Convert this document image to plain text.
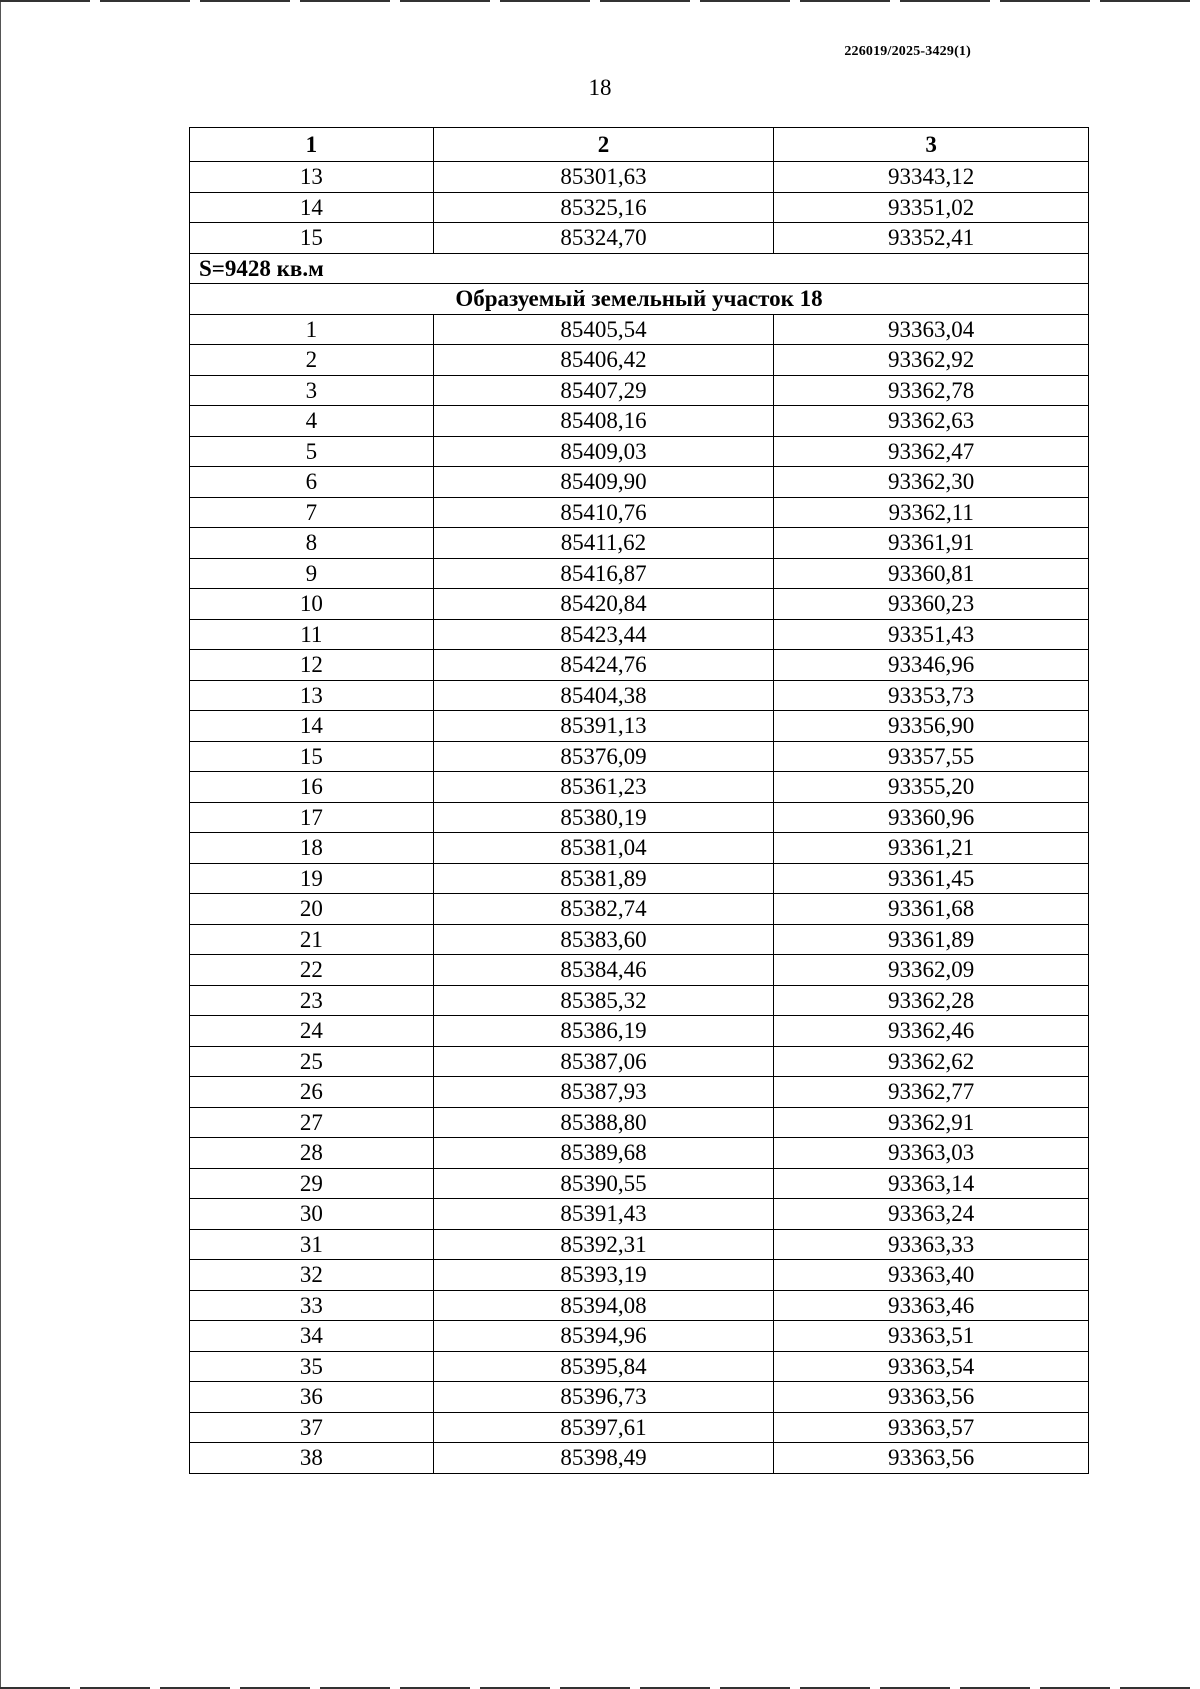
226019/2025-3429(1)
18
1	2	3
13	85301,63	93343,12
14	85325,16	93351,02
15	85324,70	93352,41
S=9428 кв.м		
Образуемый земельный участок 18		
1	85405,54	93363,04
2	85406,42	93362,92
3	85407,29	93362,78
4	85408,16	93362,63
5	85409,03	93362,47
6	85409,90	93362,30
7	85410,76	93362,11
8	85411,62	93361,91
9	85416,87	93360,81
10	85420,84	93360,23
11	85423,44	93351,43
12	85424,76	93346,96
13	85404,38	93353,73
14	85391,13	93356,90
15	85376,09	93357,55
16	85361,23	93355,20
17	85380,19	93360,96
18	85381,04	93361,21
19	85381,89	93361,45
20	85382,74	93361,68
21	85383,60	93361,89
22	85384,46	93362,09
23	85385,32	93362,28
24	85386,19	93362,46
25	85387,06	93362,62
26	85387,93	93362,77
27	85388,80	93362,91
28	85389,68	93363,03
29	85390,55	93363,14
30	85391,43	93363,24
31	85392,31	93363,33
32	85393,19	93363,40
33	85394,08	93363,46
34	85394,96	93363,51
35	85395,84	93363,54
36	85396,73	93363,56
37	85397,61	93363,57
38	85398,49	93363,56
